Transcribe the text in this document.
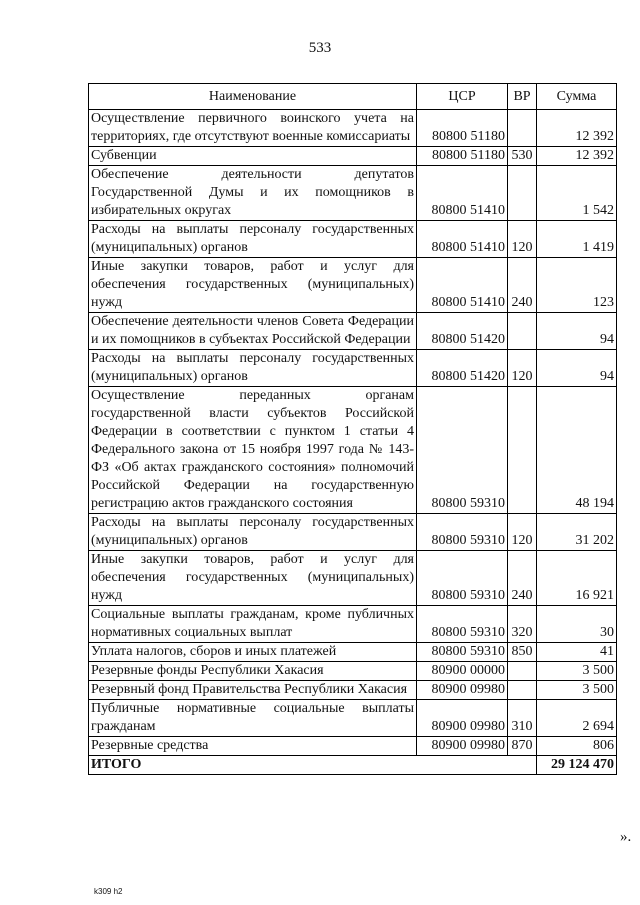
533
Наименование	ЦСР	ВР	Сумма
Осуществление первичного воинского учета на территориях, где отсутствуют военные комиссариаты	80800 51180		12 392
Субвенции	80800 51180	530	12 392
Обеспечение деятельности депутатов Государственной Думы и их помощников в избирательных округах	80800 51410		1 542
Расходы на выплаты персоналу государственных (муниципальных) органов	80800 51410	120	1 419
Иные закупки товаров, работ и услуг для обеспечения государственных (муниципальных) нужд	80800 51410	240	123
Обеспечение деятельности членов Совета Федерации и их помощников в субъектах Российской Федерации	80800 51420		94
Расходы на выплаты персоналу государственных (муниципальных) органов	80800 51420	120	94
Осуществление переданных органам государственной власти субъектов Российской Федерации в соответствии с пунктом 1 статьи 4 Федерального закона от 15 ноября 1997 года № 143-ФЗ «Об актах гражданского состояния» полномочий Российской Федерации на государственную регистрацию актов гражданского состояния	80800 59310		48 194
Расходы на выплаты персоналу государственных (муниципальных) органов	80800 59310	120	31 202
Иные закупки товаров, работ и услуг для обеспечения государственных (муниципальных) нужд	80800 59310	240	16 921
Социальные выплаты гражданам, кроме публичных нормативных социальных выплат	80800 59310	320	30
Уплата налогов, сборов и иных платежей	80800 59310	850	41
Резервные фонды Республики Хакасия	80900 00000		3 500
Резервный фонд Правительства Республики Хакасия	80900 09980		3 500
Публичные нормативные социальные выплаты гражданам	80900 09980	310	2 694
Резервные средства	80900 09980	870	806
ИТОГО			29 124 470
».
k309 h2
